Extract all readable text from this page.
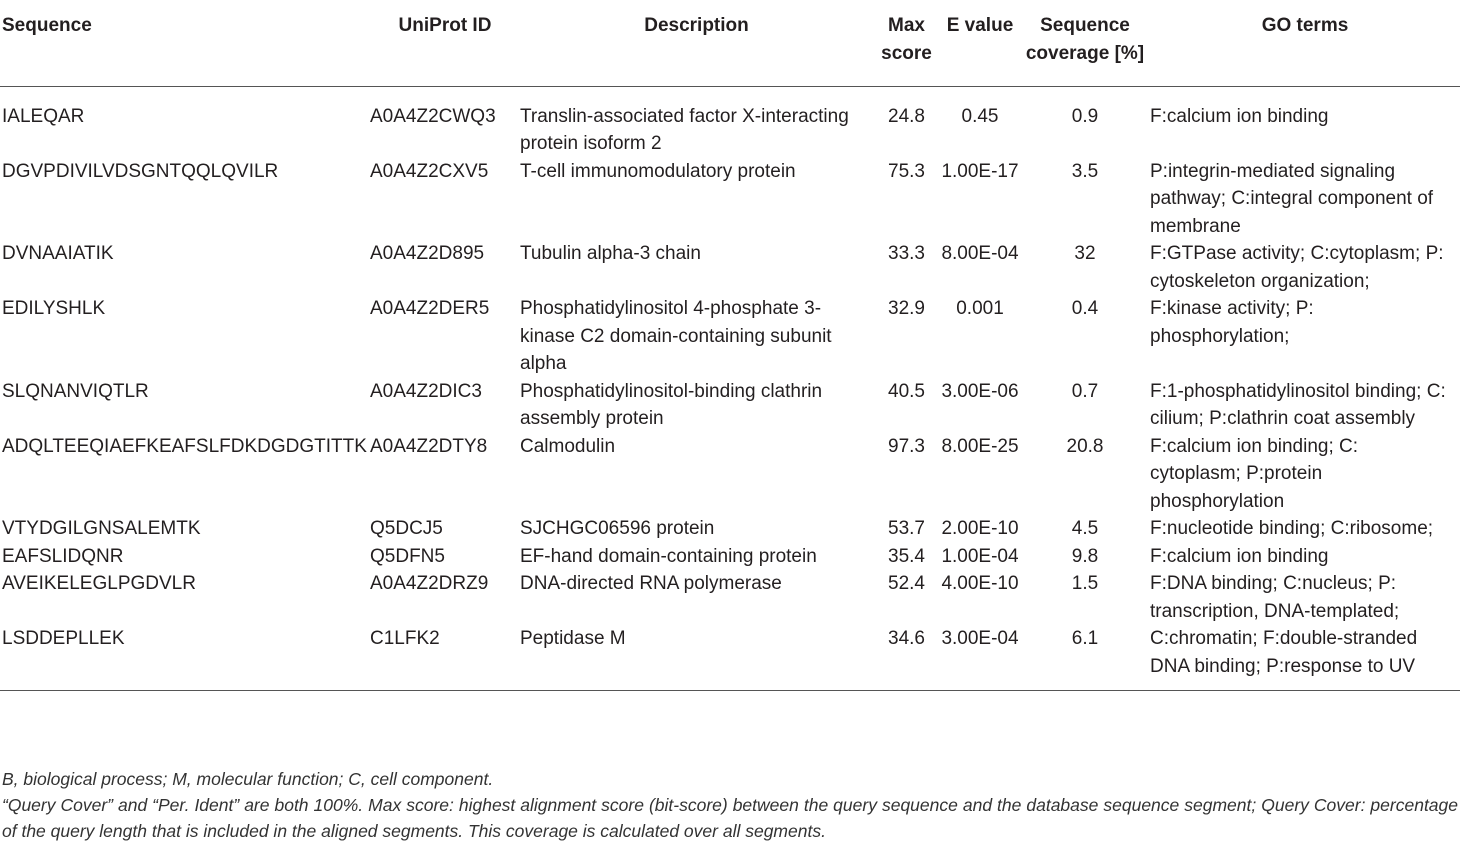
Sequence	UniProt ID	Description	Max score	E value	Sequence coverage [%]	GO terms
IALEQAR	A0A4Z2CWQ3	Translin-associated factor X-interacting protein isoform 2	24.8	0.45	0.9	F:calcium ion binding
DGVPDIVILVDSGNTQQLQVILR	A0A4Z2CXV5	T-cell immunomodulatory protein	75.3	1.00E-17	3.5	P:integrin-mediated signaling pathway; C:integral component of membrane
DVNAAIATIK	A0A4Z2D895	Tubulin alpha-3 chain	33.3	8.00E-04	32	F:GTPase activity; C:cytoplasm; P: cytoskeleton organization;
EDILYSHLK	A0A4Z2DER5	Phosphatidylinositol 4-phosphate 3-kinase C2 domain-containing subunit alpha	32.9	0.001	0.4	F:kinase activity; P: phosphorylation;
SLQNANVIQTLR	A0A4Z2DIC3	Phosphatidylinositol-binding clathrin assembly protein	40.5	3.00E-06	0.7	F:1-phosphatidylinositol binding; C: cilium; P:clathrin coat assembly
ADQLTEEQIAEFKEAFSLFDKDGDGTITTK	A0A4Z2DTY8	Calmodulin	97.3	8.00E-25	20.8	F:calcium ion binding; C: cytoplasm; P:protein phosphorylation
VTYDGILGNSALEMTK	Q5DCJ5	SJCHGC06596 protein	53.7	2.00E-10	4.5	F:nucleotide binding; C:ribosome;
EAFSLIDQNR	Q5DFN5	EF-hand domain-containing protein	35.4	1.00E-04	9.8	F:calcium ion binding
AVEIKELEGLPGDVLR	A0A4Z2DRZ9	DNA-directed RNA polymerase	52.4	4.00E-10	1.5	F:DNA binding; C:nucleus; P: transcription, DNA-templated;
LSDDEPLLEK	C1LFK2	Peptidase M	34.6	3.00E-04	6.1	C:chromatin; F:double-stranded DNA binding; P:response to UV

B, biological process; M, molecular function; C, cell component.

“Query Cover” and “Per. Ident” are both 100%. Max score: highest alignment score (bit-score) between the query sequence and the database sequence segment; Query Cover: percentage of the query length that is included in the aligned segments. This coverage is calculated over all segments.
